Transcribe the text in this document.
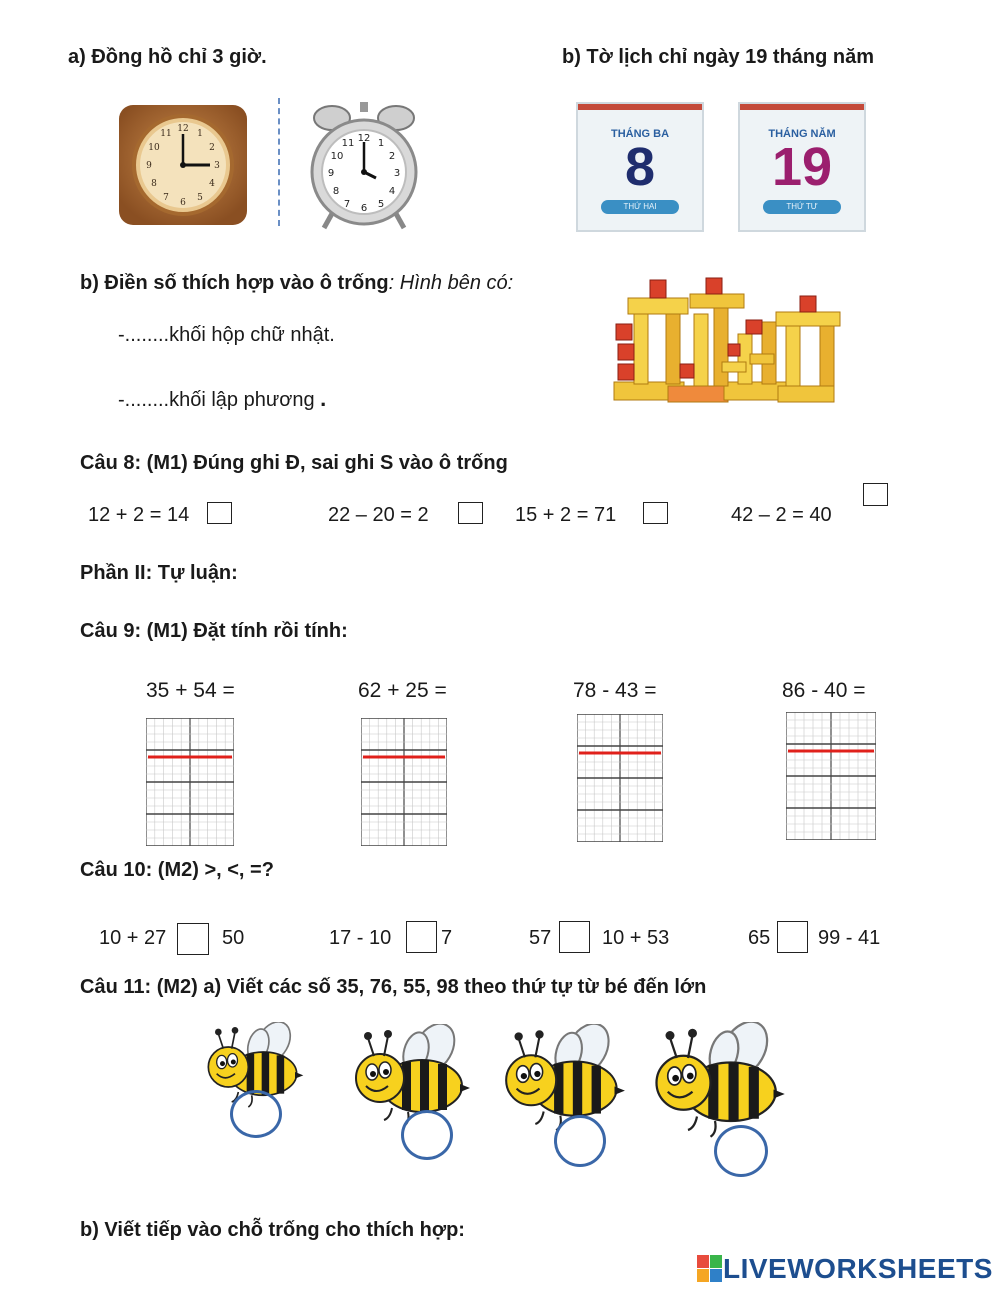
a) Đồng hồ chỉ 3 giờ.
12
3
6
9
1
2
4
5
7
8
10
11	12
3
6
9
1
2
4
5
7
8
10
11
b) Tờ lịch chỉ ngày 19 tháng năm
THÁNG BA
8
THỨ HAI
THÁNG NĂM
19
THỨ TƯ
b) Điền số thích hợp vào ô trống: Hình bên có:
-........khối hộp chữ nhật.
-........khối lập phương .
Câu 8: (M1) Đúng ghi Đ, sai ghi S vào ô trống
12 + 2 = 14	22 – 20 = 2	15 + 2 = 71	42 – 2 = 40
Phần II: Tự luận:
Câu 9: (M1) Đặt tính rồi tính:
35 + 54 =	62 + 25 =	78 - 43 =	86 - 40 =
Câu 10: (M2) >, <, =?
10 + 27	50	17 - 10 7	57	10 + 53	65 99 - 41
Câu 11: (M2) a) Viết các số 35, 76, 55, 98 theo thứ tự từ bé đến lớn
b) Viết tiếp vào chỗ trống cho thích hợp:
LIVEWORKSHEETS
